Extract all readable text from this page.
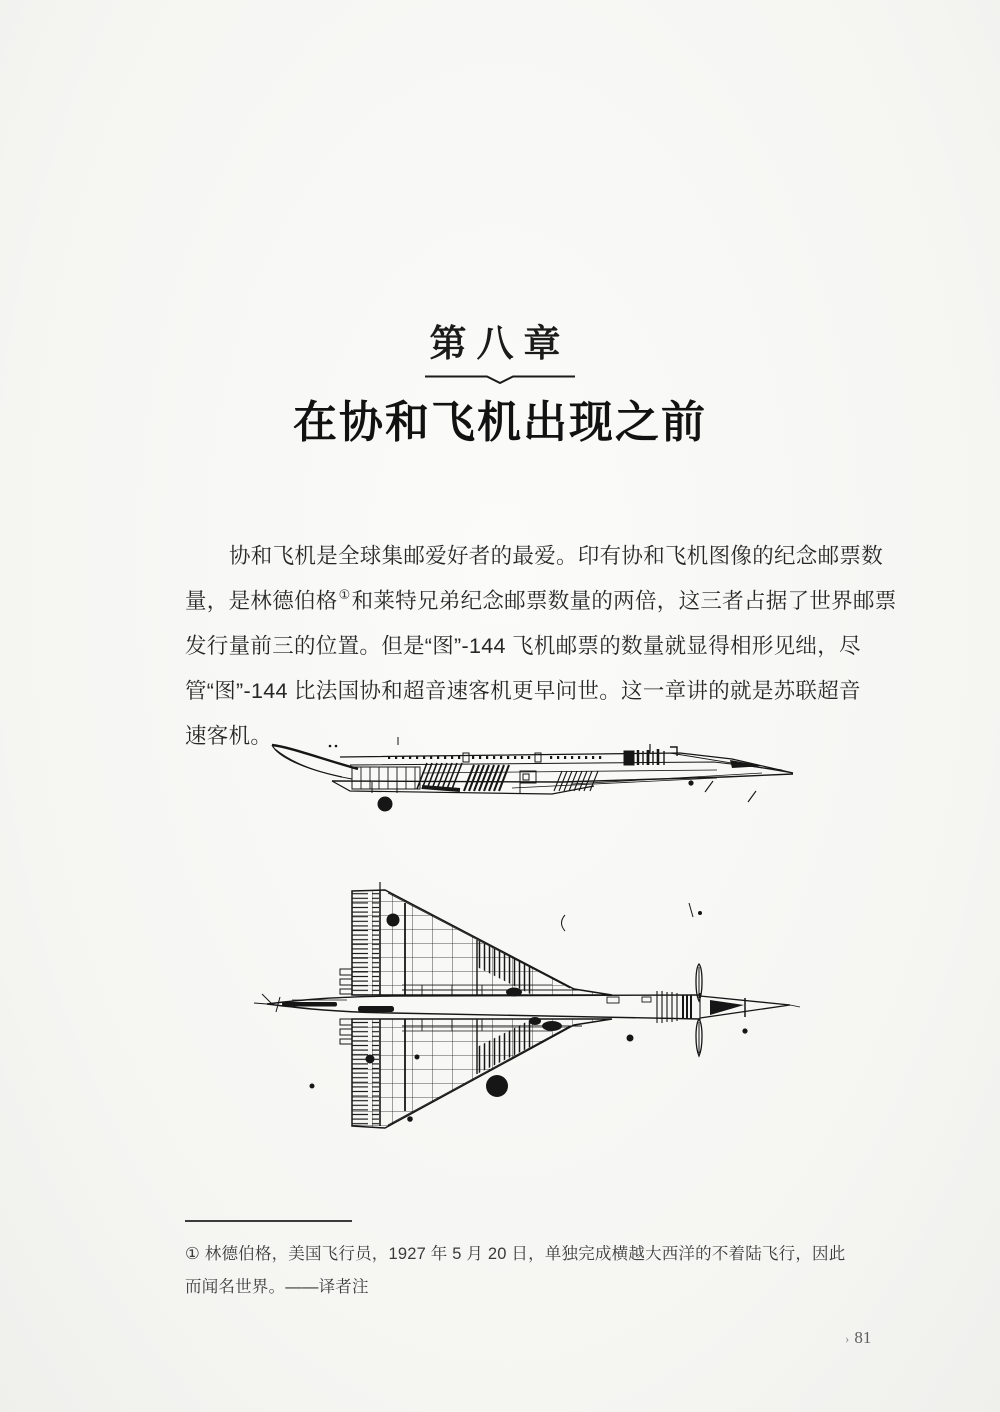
第八章
在协和飞机出现之前
协和飞机是全球集邮爱好者的最爱。印有协和飞机图像的纪念邮票数
量，是林德伯格①和莱特兄弟纪念邮票数量的两倍，这三者占据了世界邮票
发行量前三的位置。但是“图”-144 飞机邮票的数量就显得相形见绌，尽
管“图”-144 比法国协和超音速客机更早问世。这一章讲的就是苏联超音
速客机。
① 林德伯格，美国飞行员，1927 年 5 月 20 日，单独完成横越大西洋的不着陆飞行，因此
而闻名世界。——译者注
› 81
